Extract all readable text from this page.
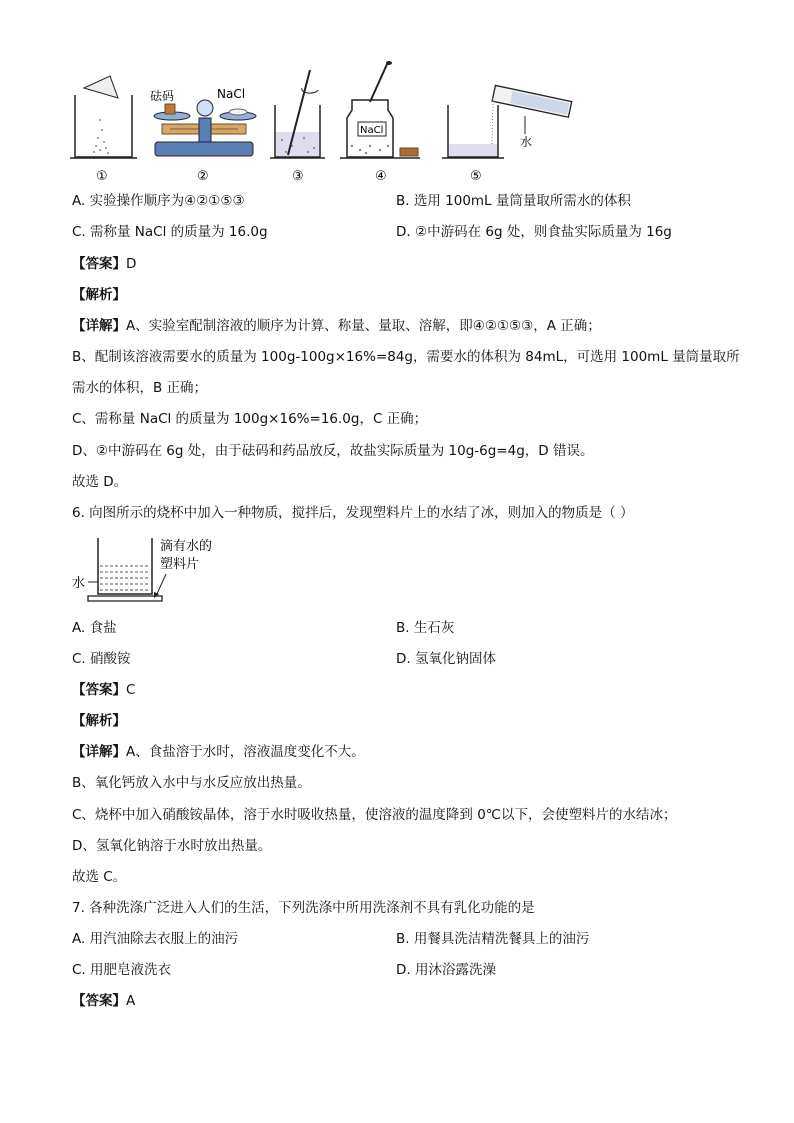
砝码	NaCl
NaCl
水
①	②	③	④	⑤
A. 实验操作顺序为④②①⑤③	B. 选用 100mL 量筒量取所需水的体积
C. 需称量 NaCl 的质量为 16.0g	D. ②中游码在 6g 处，则食盐实际质量为 16g
【答案】D
【解析】
【详解】A、实验室配制溶液的顺序为计算、称量、量取、溶解，即④②①⑤③，A 正确；
B、配制该溶液需要水的质量为 100g-100g×16%=84g，需要水的体积为 84mL，可选用 100mL 量筒量取所
需水的体积，B 正确；
C、需称量 NaCl 的质量为 100g×16%=16.0g，C 正确；
D、②中游码在 6g 处，由于砝码和药品放反，故盐实际质量为 10g-6g=4g，D 错误。
故选 D。
6. 向图所示的烧杯中加入一种物质，搅拌后，发现塑料片上的水结了冰，则加入的物质是（ ）
水
滴有水的
塑料片
A. 食盐	B. 生石灰
C. 硝酸铵	D. 氢氧化钠固体
【答案】C
【解析】
【详解】A、食盐溶于水时，溶液温度变化不大。
B、氧化钙放入水中与水反应放出热量。
C、烧杯中加入硝酸铵晶体，溶于水时吸收热量，使溶液的温度降到 0℃以下，会使塑料片的水结冰；
D、氢氧化钠溶于水时放出热量。
故选 C。
7. 各种洗涤广泛进入人们的生活，下列洗涤中所用洗涤剂不具有乳化功能的是
A. 用汽油除去衣服上的油污	B. 用餐具洗洁精洗餐具上的油污
C. 用肥皂液洗衣	D. 用沐浴露洗澡
【答案】A
